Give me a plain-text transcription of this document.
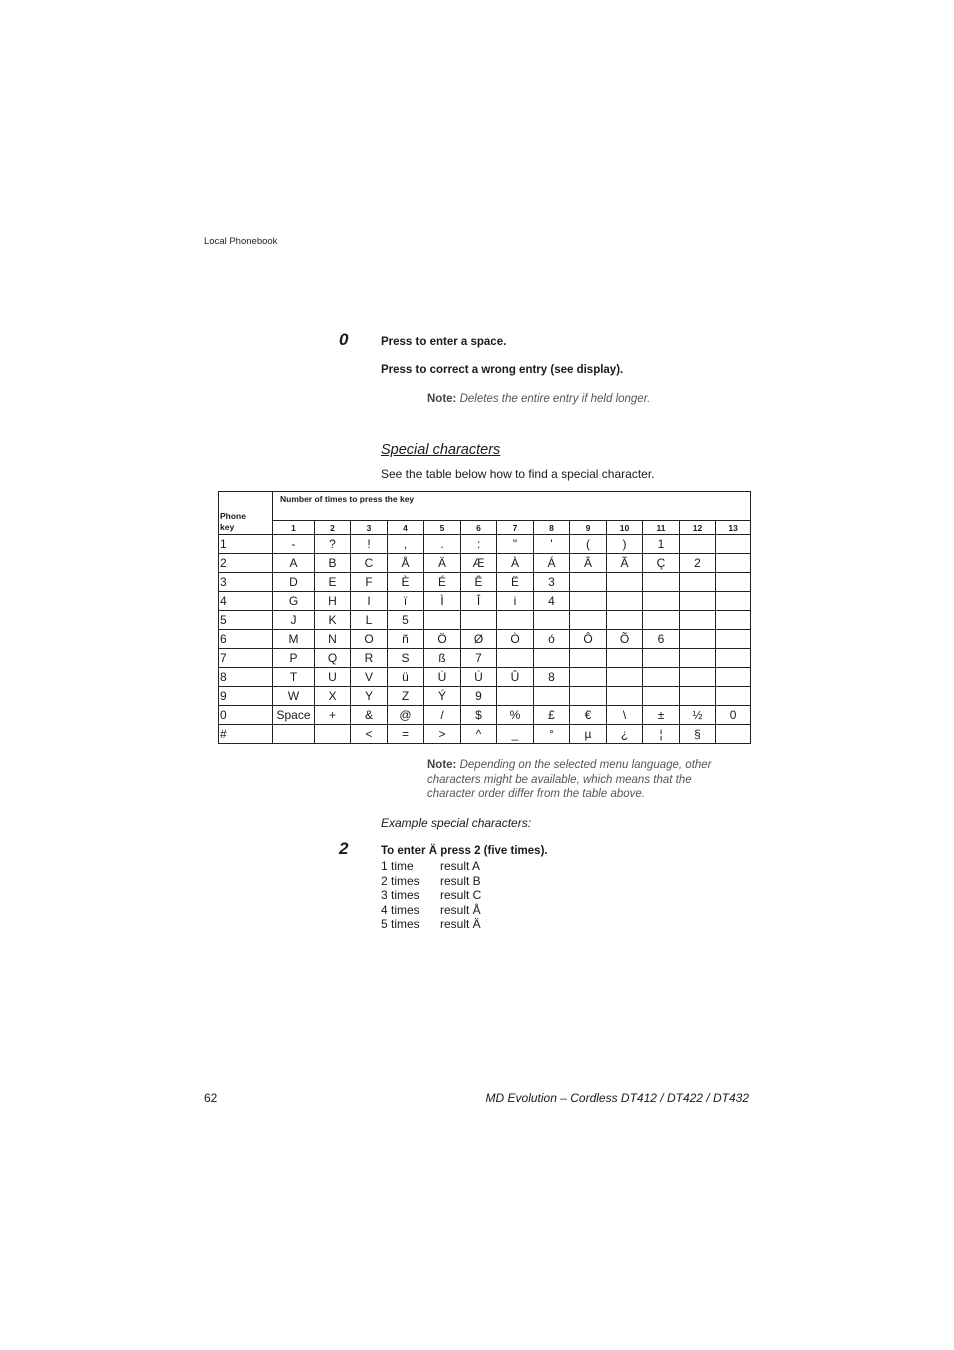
Local Phonebook
0	Press to enter a space.
Press to correct a wrong entry (see display).
Note: Deletes the entire entry if held longer.
Special characters
See the table below how to find a special character.
Phone
key	Number of times to press the key												
	1	2	3	4	5	6	7	8	9	10	11	12	13
1	-	?	!	,	.	:	"	'	(	)	1		
2	A	B	C	Å	Ä	Æ	À	Á	Â	Ã	Ç	2	
3	D	E	F	È	É	Ê	Ë	3					
4	G	H	I	ï	Ì	Î	i	4					
5	J	K	L	5									
6	M	N	O	ñ	Ö	Ø	Ò	ó	Ô	Õ	6		
7	P	Q	R	S	ß	7							
8	T	U	V	ü	Ù	Ú	Û	8					
9	W	X	Y	Z	Ý	9							
0	Space	+	&	@	/	$	%	£	€	\	±	½	0
#			<	=	>	^	_	°	µ	¿	¦	§	
Note: Depending on the selected menu language, other
characters might be available, which means that the
character order differ from the table above.
Example special characters:
2	To enter Ä press 2 (five times).
1 time result A
2 times result B
3 times result C
4 times result Å
5 times result Ä
62	MD Evolution – Cordless DT412 / DT422 / DT432
